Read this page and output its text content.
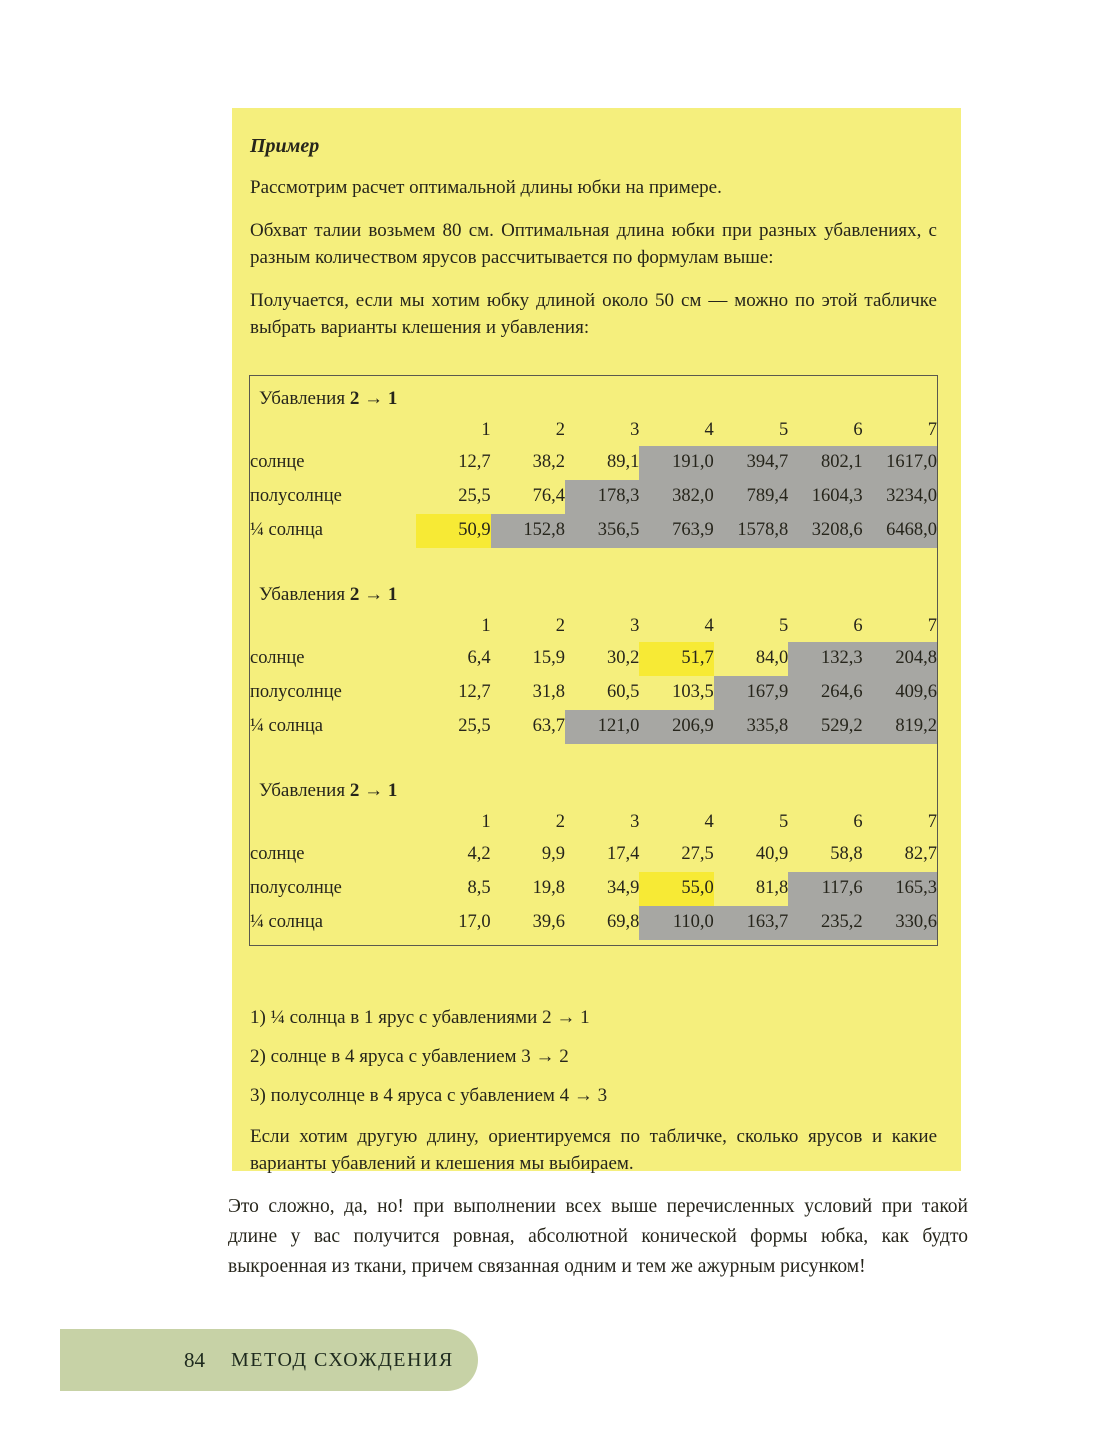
Пример

Рассмотрим расчет оптимальной длины юбки на примере.

Обхват талии возьмем 80 см. Оптимальная длина юбки при разных убавлениях, с разным количеством ярусов рассчитывается по формулам выше:

Получается, если мы хотим юбку длиной около 50 см — можно по этой табличке выбрать варианты клешения и убавления:

Убавления 2 → 1
	1	2	3	4	5	6	7
солнце	12,7	38,2	89,1	191,0	394,7	802,1	1617,0
полусолнце	25,5	76,4	178,3	382,0	789,4	1604,3	3234,0
¼ солнца	50,9	152,8	356,5	763,9	1578,8	3208,6	6468,0
Убавления 2 → 1
	1	2	3	4	5	6	7
солнце	6,4	15,9	30,2	51,7	84,0	132,3	204,8
полусолнце	12,7	31,8	60,5	103,5	167,9	264,6	409,6
¼ солнца	25,5	63,7	121,0	206,9	335,8	529,2	819,2
Убавления 2 → 1
	1	2	3	4	5	6	7
солнце	4,2	9,9	17,4	27,5	40,9	58,8	82,7
полусолнце	8,5	19,8	34,9	55,0	81,8	117,6	165,3
¼ солнца	17,0	39,6	69,8	110,0	163,7	235,2	330,6
1) ¼ солнца в 1 ярус с убавлениями 2 → 1
2) солнце в 4 яруса с убавлением 3 → 2
3) полусолнце в 4 яруса с убавлением 4 → 3

Если хотим другую длину, ориентируемся по табличке, сколько ярусов и какие варианты убавлений и клешения мы выбираем.

Это сложно, да, но! при выполнении всех выше перечисленных условий при такой длине у вас получится ровная, абсолютной конической формы юбка, как будто выкроенная из ткани, причем связанная одним и тем же ажурным рисунком!

84 МЕТОД СХОЖДЕНИЯ
